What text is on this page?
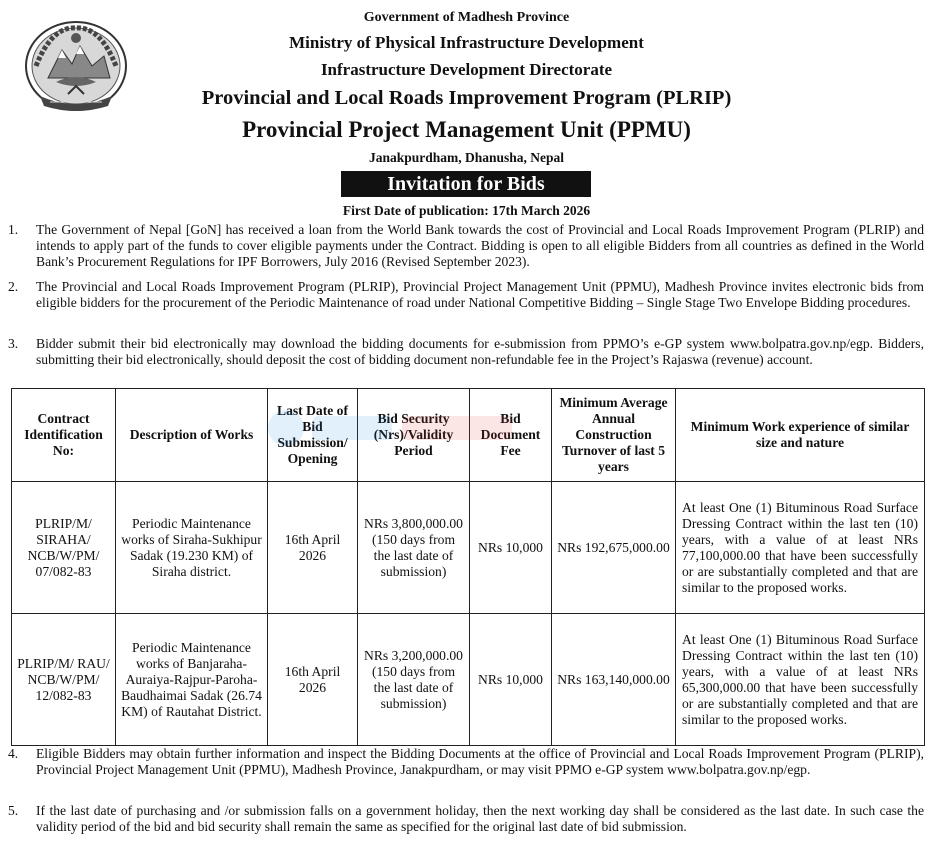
Government of Madhesh Province
Ministry of Physical Infrastructure Development
Infrastructure Development Directorate
Provincial and Local Roads Improvement Program (PLRIP)
Provincial Project Management Unit (PPMU)
Janakpurdham, Dhanusha, Nepal
Invitation for Bids
First Date of publication: 17th March 2026
1. The Government of Nepal [GoN] has received a loan from the World Bank towards the cost of Provincial and Local Roads Improvement Program (PLRIP) and intends to apply part of the funds to cover eligible payments under the Contract. Bidding is open to all eligible Bidders from all countries as defined in the World Bank’s Procurement Regulations for IPF Borrowers, July 2016 (Revised September 2023).
2. The Provincial and Local Roads Improvement Program (PLRIP), Provincial Project Management Unit (PPMU), Madhesh Province invites electronic bids from eligible bidders for the procurement of the Periodic Maintenance of road under National Competitive Bidding – Single Stage Two Envelope Bidding procedures.
3. Bidder submit their bid electronically may download the bidding documents for e-submission from PPMO’s e-GP system www.bolpatra.gov.np/egp. Bidders, submitting their bid electronically, should deposit the cost of bidding document non-refundable fee in the Project’s Rajaswa (revenue) account.
Contract Identification No:	Description of Works	Last Date of Bid Submission/ Opening	Bid Security (Nrs)/Validity Period	Bid Document Fee	Minimum Average Annual Construction Turnover of last 5 years	Minimum Work experience of similar size and nature
PLRIP/M/ SIRAHA/ NCB/W/PM/ 07/082-83	Periodic Maintenance works of Siraha-Sukhipur Sadak (19.230 KM) of Siraha district.	16th April 2026	NRs 3,800,000.00 (150 days from the last date of submission)	NRs 10,000	NRs 192,675,000.00	At least One (1) Bituminous Road Surface Dressing Contract within the last ten (10) years, with a value of at least NRs 77,100,000.00 that have been successfully or are substantially completed and that are similar to the proposed works.
PLRIP/M/ RAU/ NCB/W/PM/ 12/082-83	Periodic Maintenance works of Banjaraha-Auraiya-Rajpur-Paroha-Baudhaimai Sadak (26.74 KM) of Rautahat District.	16th April 2026	NRs 3,200,000.00 (150 days from the last date of submission)	NRs 10,000	NRs 163,140,000.00	At least One (1) Bituminous Road Surface Dressing Contract within the last ten (10) years, with a value of at least NRs 65,300,000.00 that have been successfully or are substantially completed and that are similar to the proposed works.
4. Eligible Bidders may obtain further information and inspect the Bidding Documents at the office of Provincial and Local Roads Improvement Program (PLRIP), Provincial Project Management Unit (PPMU), Madhesh Province, Janakpurdham, or may visit PPMO e-GP system www.bolpatra.gov.np/egp.
5. If the last date of purchasing and /or submission falls on a government holiday, then the next working day shall be considered as the last date. In such case the validity period of the bid and bid security shall remain the same as specified for the original last date of bid submission.
